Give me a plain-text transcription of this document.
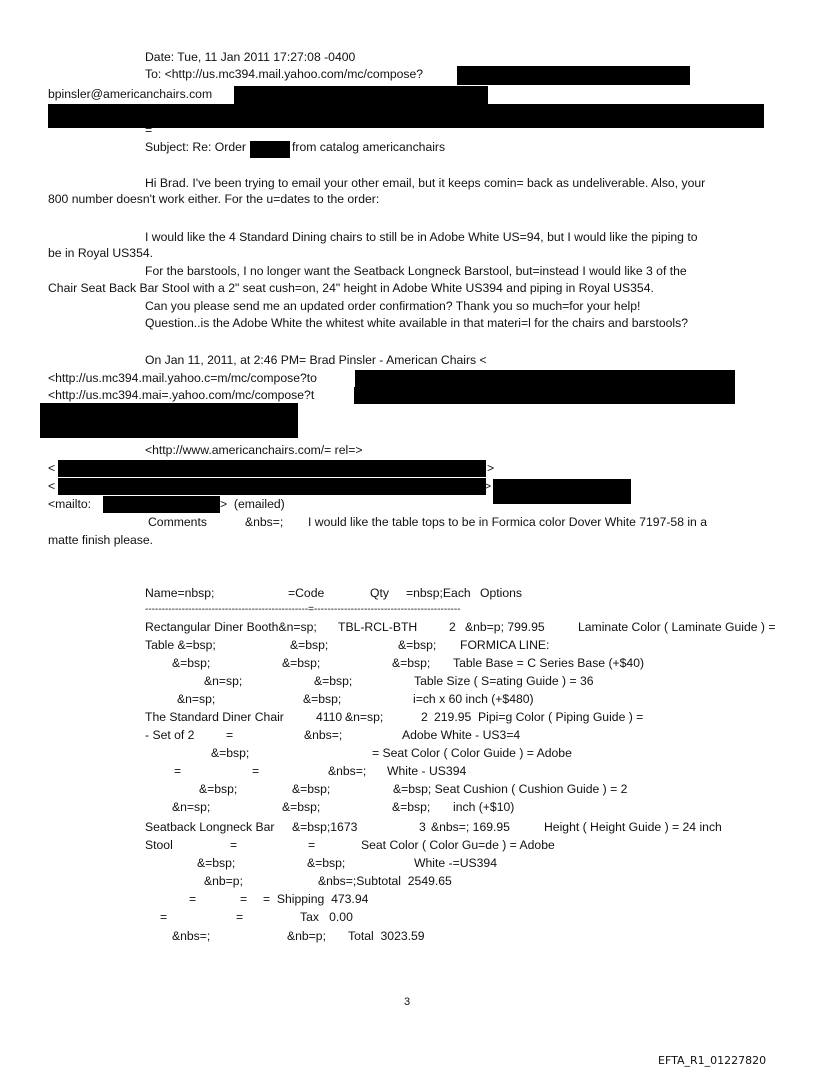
Date: Tue, 11 Jan 2011 17:27:08 -0400
To: <http://us.mc394.mail.yahoo.com/mc/compose?
bpinsler@americanchairs.com
=
Subject: Re: Order	from catalog americanchairs
Hi Brad. I've been trying to email your other email, but it keeps comin= back as undeliverable. Also, your
800 number doesn't work either. For the u=dates to the order:
I would like the 4 Standard Dining chairs to still be in Adobe White US=94, but I would like the piping to
be in Royal US354.
For the barstools, I no longer want the Seatback Longneck Barstool, but=instead I would like 3 of the
Chair Seat Back Bar Stool with a 2" seat cush=on, 24" height in Adobe White US394 and piping in Royal US354.
Can you please send me an updated order confirmation? Thank you so much=for your help!
Question..is the Adobe White the whitest white available in that materi=l for the chairs and barstools?
On Jan 11, 2011, at 2:46 PM= Brad Pinsler - American Chairs <
<http://us.mc394.mail.yahoo.c=m/mc/compose?to
<http://us.mc394.mai=.yahoo.com/mc/compose?t
<http://www.americanchairs.com/= rel=>
<	>
<	>
<mailto:	>  (emailed)
Comments	&nbs=; I would like the table tops to be in Formica color Dover White 7197-58 in a
matte finish please.
Name=nbsp;	=Code	Qty =nbsp;Each Options
-------------------------------------------------=--------------------------------------------
Rectangular Diner Booth&n=sp; TBL-RCL-BTH	2 &nb=p; 799.95	Laminate Color ( Laminate Guide ) =
Table &=bsp;	&=bsp;	&=bsp; FORMICA LINE:
&=bsp;	&=bsp;	&=bsp; Table Base = C Series Base (+$40)
&n=sp;	&=bsp;	Table Size ( S=ating Guide ) = 36
&n=sp;	&=bsp;	i=ch x 60 inch (+$480)
The Standard Diner Chair	4110 &n=sp;	2 219.95 Pipi=g Color ( Piping Guide ) =
- Set of 2	=	&nbs=;	Adobe White - US3=4
&=bsp;	= Seat Color ( Color Guide ) = Adobe
=	=	&nbs=; White - US394
&=bsp;	&=bsp;	&=bsp; Seat Cushion ( Cushion Guide ) = 2
&n=sp;	&=bsp;	&=bsp; inch (+$10)
Seatback Longneck Bar &=bsp;1673	3 &nbs=; 169.95	Height ( Height Guide ) = 24 inch
Stool	=	=	Seat Color ( Color Gu=de ) = Adobe
&=bsp;	&=bsp;	White -=US394
&nb=p;	&nbs=;Subtotal  2549.65
=	= =  Shipping  473.94
=	=	Tax   0.00
&nbs=;	&nb=p; Total  3023.59
3
EFTA_R1_01227820
